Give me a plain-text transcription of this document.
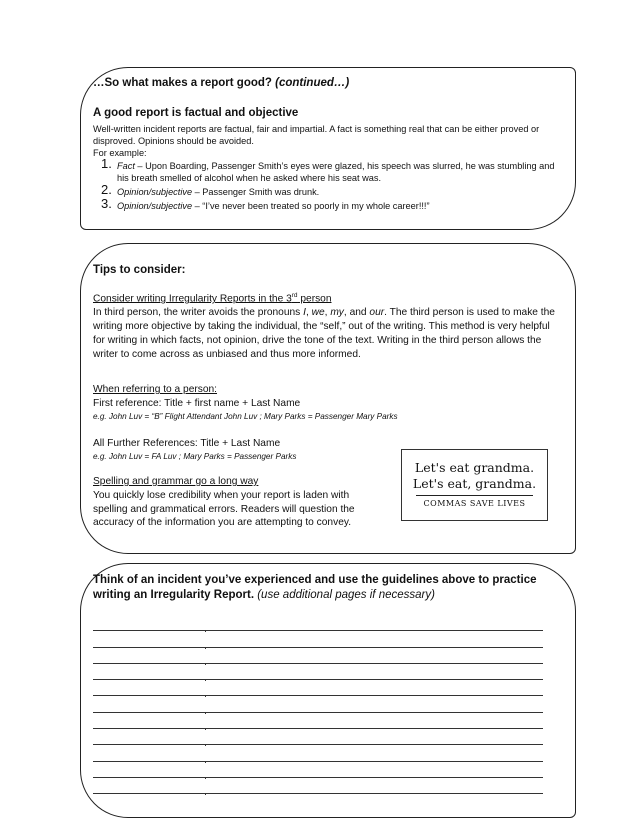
…So what makes a report good? (continued…)
A good report is factual and objective
Well-written incident reports are factual, fair and impartial. A fact is something real that can be either proved or disproved. Opinions should be avoided.
For example:
1. Fact – Upon Boarding, Passenger Smith’s eyes were glazed, his speech was slurred, he was stumbling and his breath smelled of alcohol when he asked where his seat was.
2. Opinion/subjective – Passenger Smith was drunk.
3. Opinion/subjective – “I’ve never been treated so poorly in my whole career!!!”
Tips to consider:
Consider writing Irregularity Reports in the 3rd person
In third person, the writer avoids the pronouns I, we, my, and our. The third person is used to make the writing more objective by taking the individual, the “self,” out of the writing. This method is very helpful for writing in which facts, not opinion, drive the tone of the text. Writing in the third person allows the writer to come across as unbiased and thus more informed.
When referring to a person:
First reference: Title + first name + Last Name
e.g. John Luv = “B” Flight Attendant John Luv ; Mary Parks = Passenger Mary Parks
All Further References: Title + Last Name
e.g. John Luv = FA Luv ; Mary Parks = Passenger Parks
Spelling and grammar go a long way
You quickly lose credibility when your report is laden with spelling and grammatical errors. Readers will question the accuracy of the information you are attempting to convey.
Let's eat grandma.
Let's eat, grandma.
COMMAS SAVE LIVES
Think of an incident you’ve experienced and use the guidelines above to practice writing an Irregularity Report. (use additional pages if necessary)
